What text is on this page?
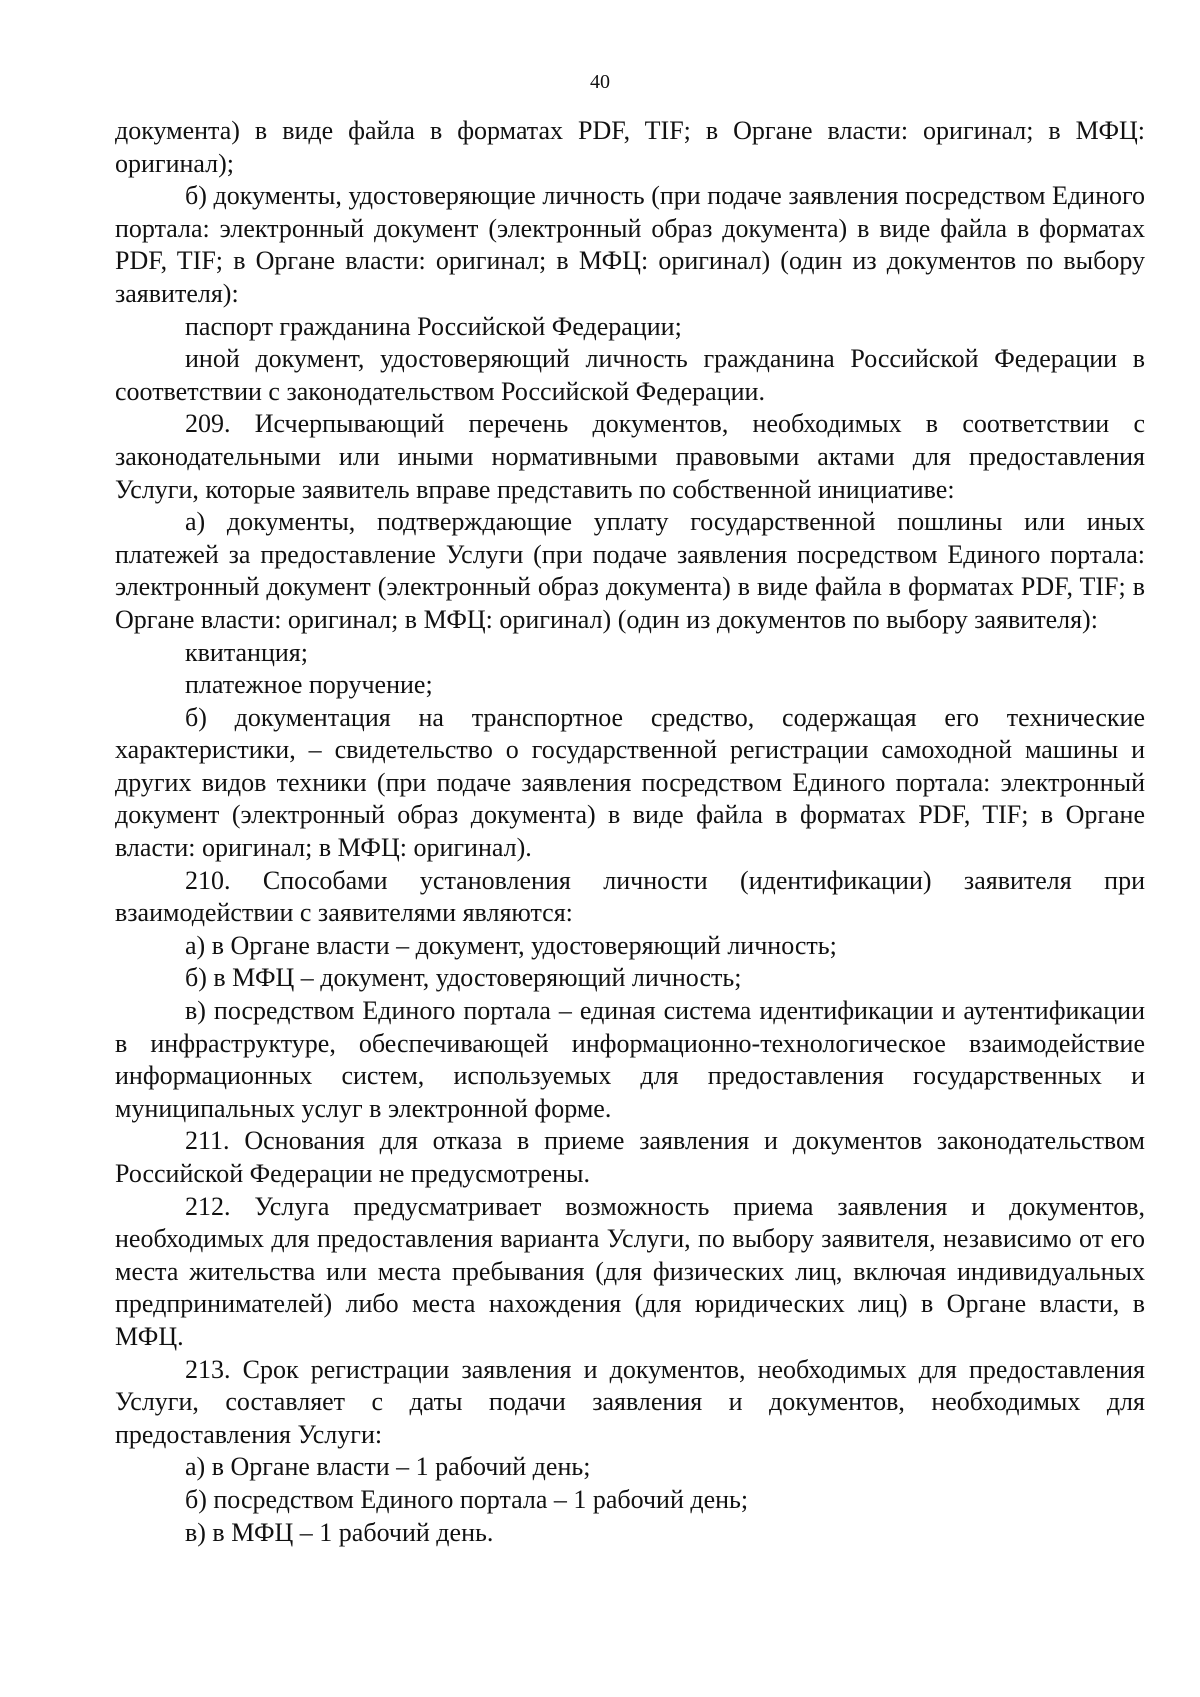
40

документа) в виде файла в форматах PDF, TIF; в Органе власти: оригинал; в МФЦ: оригинал);

б) документы, удостоверяющие личность (при подаче заявления посредством Единого портала: электронный документ (электронный образ документа) в виде файла в форматах PDF, TIF; в Органе власти: оригинал; в МФЦ: оригинал) (один из документов по выбору заявителя):

паспорт гражданина Российской Федерации;

иной документ, удостоверяющий личность гражданина Российской Федерации в соответствии с законодательством Российской Федерации.

209. Исчерпывающий перечень документов, необходимых в соответствии с законодательными или иными нормативными правовыми актами для предоставления Услуги, которые заявитель вправе представить по собственной инициативе:

а) документы, подтверждающие уплату государственной пошлины или иных платежей за предоставление Услуги (при подаче заявления посредством Единого портала: электронный документ (электронный образ документа) в виде файла в форматах PDF, TIF; в Органе власти: оригинал; в МФЦ: оригинал) (один из документов по выбору заявителя):

квитанция;

платежное поручение;

б) документация на транспортное средство, содержащая его технические характеристики, – свидетельство о государственной регистрации самоходной машины и других видов техники (при подаче заявления посредством Единого портала: электронный документ (электронный образ документа) в виде файла в форматах PDF, TIF; в Органе власти: оригинал; в МФЦ: оригинал).

210. Способами установления личности (идентификации) заявителя при взаимодействии с заявителями являются:

а) в Органе власти – документ, удостоверяющий личность;

б) в МФЦ – документ, удостоверяющий личность;

в) посредством Единого портала – единая система идентификации и аутентификации в инфраструктуре, обеспечивающей информационно-технологическое взаимодействие информационных систем, используемых для предоставления государственных и муниципальных услуг в электронной форме.

211. Основания для отказа в приеме заявления и документов законодательством Российской Федерации не предусмотрены.

212. Услуга предусматривает возможность приема заявления и документов, необходимых для предоставления варианта Услуги, по выбору заявителя, независимо от его места жительства или места пребывания (для физических лиц, включая индивидуальных предпринимателей) либо места нахождения (для юридических лиц) в Органе власти, в МФЦ.

213. Срок регистрации заявления и документов, необходимых для предоставления Услуги, составляет с даты подачи заявления и документов, необходимых для предоставления Услуги:

а) в Органе власти – 1 рабочий день;

б) посредством Единого портала – 1 рабочий день;

в) в МФЦ – 1 рабочий день.
